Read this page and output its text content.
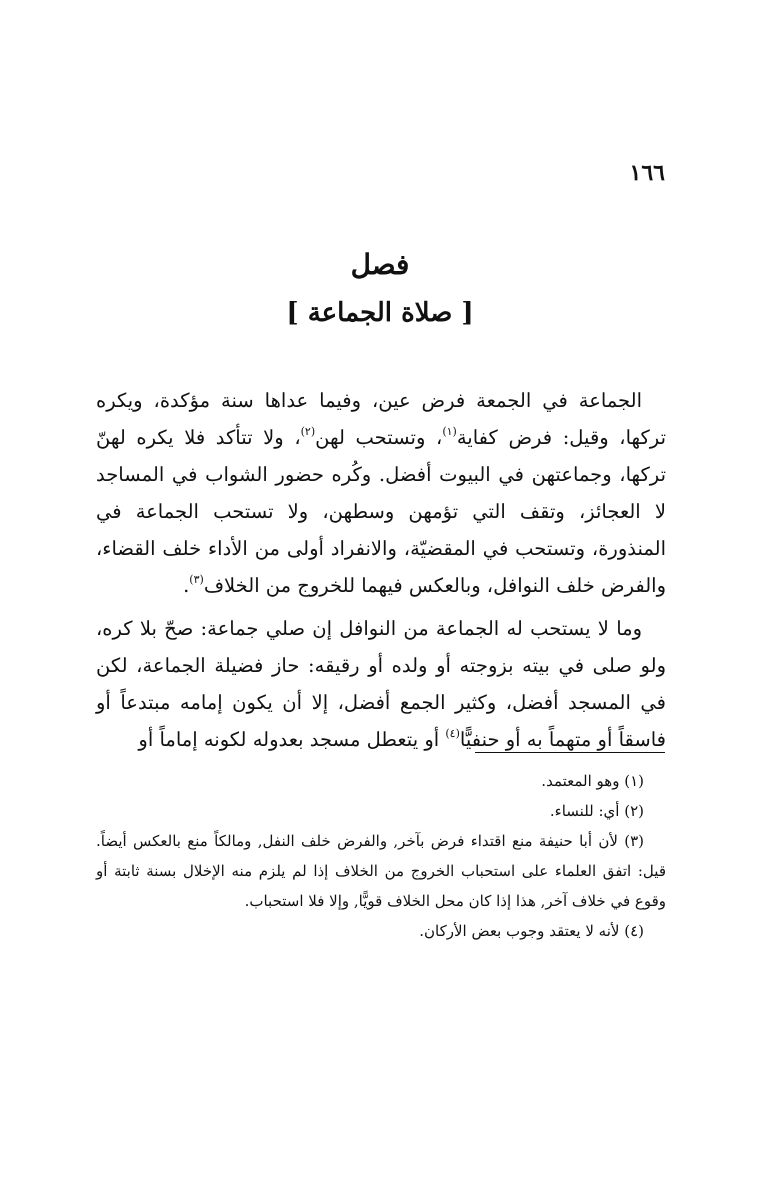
١٦٦
فصل
[ صلاة الجماعة ]

الجماعة في الجمعة فرض عين، وفيما عداها سنة مؤكدة، ويكره تركها، وقيل: فرض كفاية$^{(١)}$، وتستحب لهن$^{(٢)}$، ولا تتأكد فلا يكره لهنّ تركها، وجماعتهن في البيوت أفضل. وكُره حضور الشواب في المساجد لا العجائز، وتقف التي تؤمهن وسطهن، ولا تستحب الجماعة في المنذورة، وتستحب في المقضيّة، والانفراد أولى من الأداء خلف القضاء، والفرض خلف النوافل، وبالعكس فيهما للخروج من الخلاف$^{(٣)}$.

وما لا يستحب له الجماعة من النوافل إن صلي جماعة: صحّ بلا كره، ولو صلى في بيته بزوجته أو ولده أو رقيقه: حاز فضيلة الجماعة، لكن في المسجد أفضل، وكثير الجمع أفضل، إلا أن يكون إمامه مبتدعاً أو فاسقاً أو متهماً به أو حنفيًّا$^{(٤)}$ أو يتعطل مسجد بعدوله لكونه إماماً أو

(١) وهو المعتمد.

(٢) أي: للنساء.

(٣) لأن أبا حنيفة منع اقتداء فرض بآخر, والفرض خلف النفل, ومالكاً منع بالعكس أيضاً. قيل: اتفق العلماء على استحباب الخروج من الخلاف إذا لم يلزم منه الإخلال بسنة ثابتة أو وقوع في خلاف آخر, هذا إذا كان محل الخلاف قويًّا, وإلا فلا استحباب.

(٤) لأنه لا يعتقد وجوب بعض الأركان.
